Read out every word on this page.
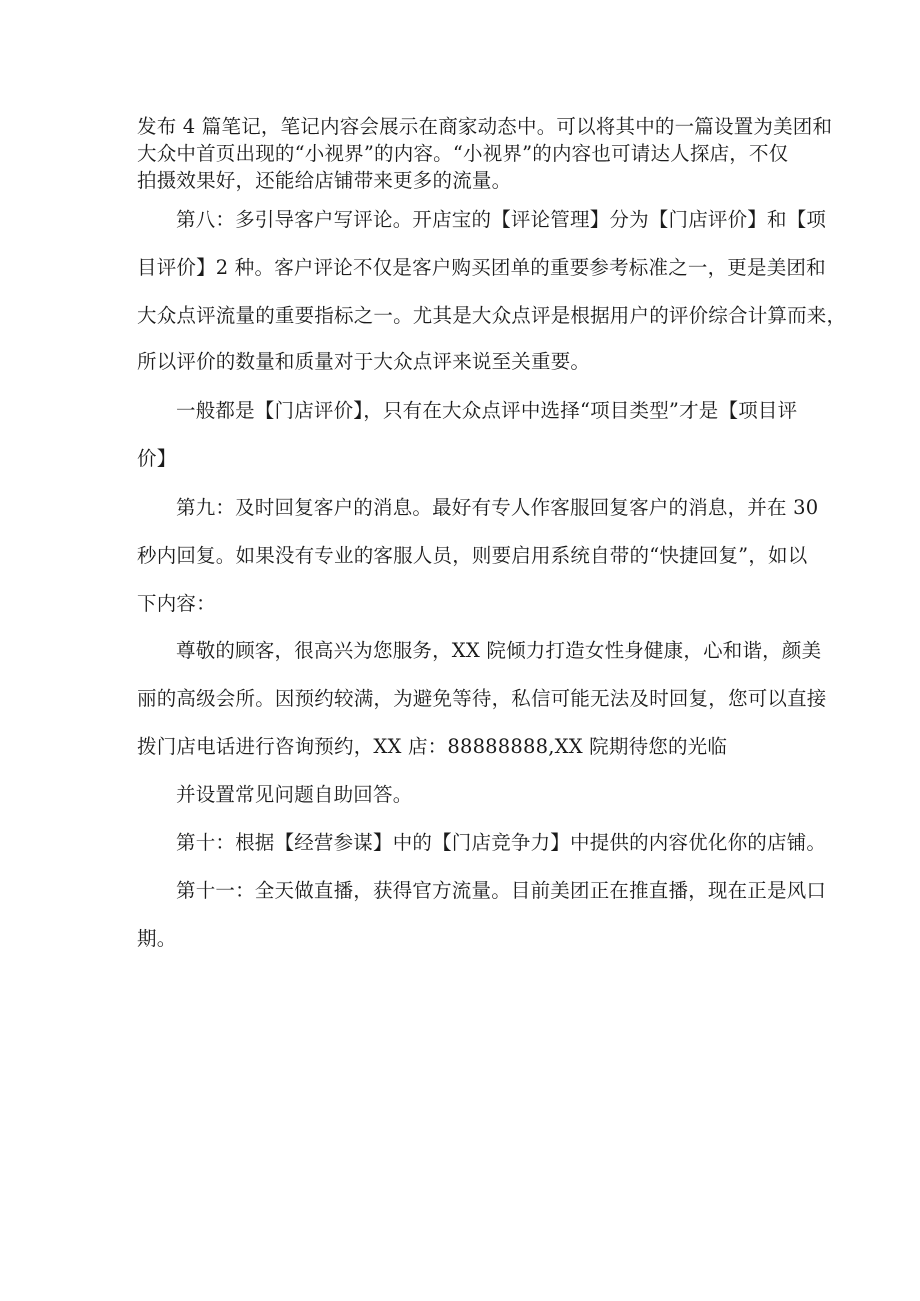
发布 4 篇笔记，笔记内容会展示在商家动态中。可以将其中的一篇设置为美团和
大众中首页出现的“小视界”的内容。“小视界”的内容也可请达人探店，不仅
拍摄效果好，还能给店铺带来更多的流量。
第八：多引导客户写评论。开店宝的【评论管理】分为【门店评价】和【项
目评价】2 种。客户评论不仅是客户购买团单的重要参考标准之一，更是美团和
大众点评流量的重要指标之一。尤其是大众点评是根据用户的评价综合计算而来，
所以评价的数量和质量对于大众点评来说至关重要。
一般都是【门店评价】，只有在大众点评中选择“项目类型”才是【项目评
价】
第九：及时回复客户的消息。最好有专人作客服回复客户的消息，并在 30
秒内回复。如果没有专业的客服人员，则要启用系统自带的“快捷回复”，如以
下内容：
尊敬的顾客，很高兴为您服务，XX 院倾力打造女性身健康，心和谐，颜美
丽的高级会所。因预约较满，为避免等待，私信可能无法及时回复，您可以直接
拨门店电话进行咨询预约，XX 店：88888888,XX 院期待您的光临
并设置常见问题自助回答。
第十：根据【经营参谋】中的【门店竞争力】中提供的内容优化你的店铺。
第十一：全天做直播，获得官方流量。目前美团正在推直播，现在正是风口
期。
